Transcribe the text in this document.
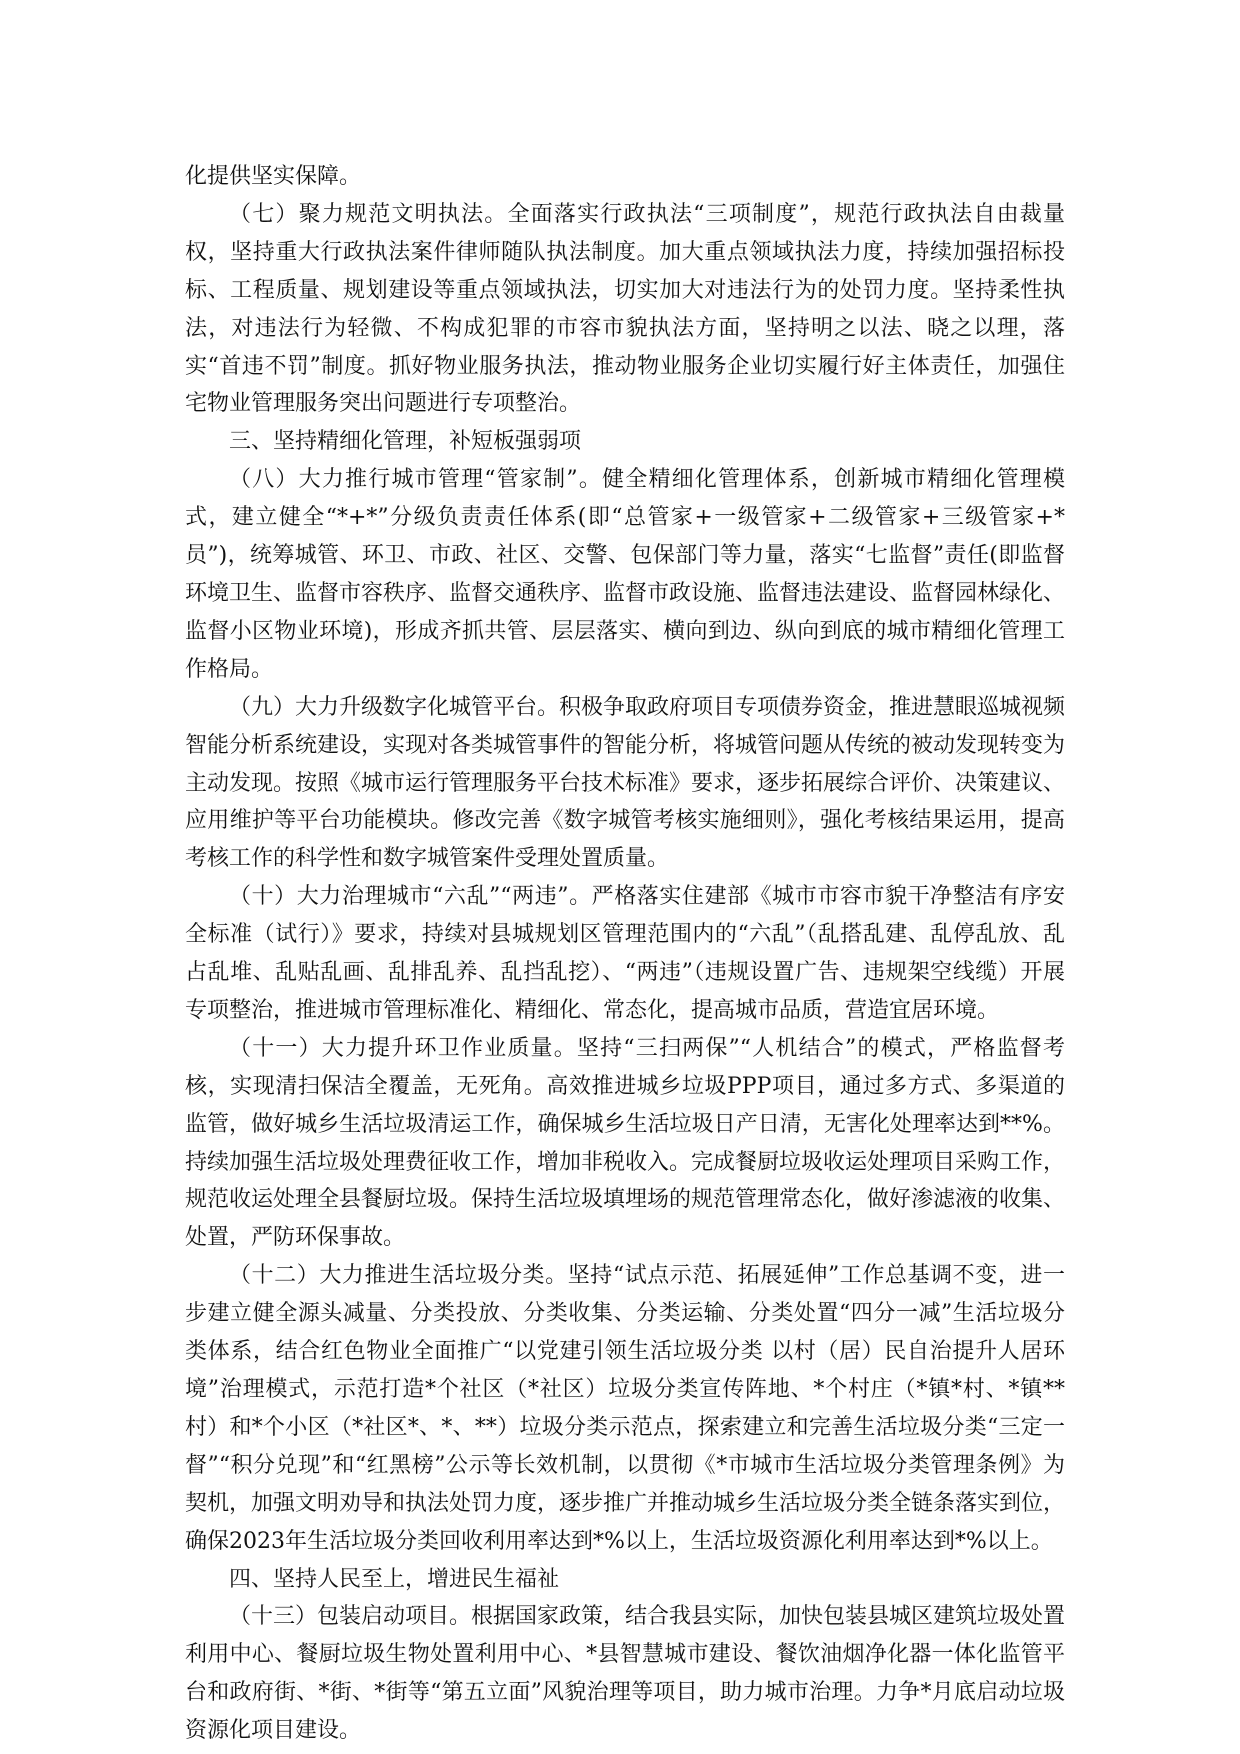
化提供坚实保障。

（七）聚力规范文明执法。全面落实行政执法“三项制度”，规范行政执法自由裁量权，坚持重大行政执法案件律师随队执法制度。加大重点领域执法力度，持续加强招标投标、工程质量、规划建设等重点领域执法，切实加大对违法行为的处罚力度。坚持柔性执法，对违法行为轻微、不构成犯罪的市容市貌执法方面，坚持明之以法、晓之以理，落实“首违不罚”制度。抓好物业服务执法，推动物业服务企业切实履行好主体责任，加强住宅物业管理服务突出问题进行专项整治。

三、坚持精细化管理，补短板强弱项

（八）大力推行城市管理“管家制”。健全精细化管理体系，创新城市精细化管理模式，建立健全“*+*”分级负责责任体系(即“总管家+一级管家+二级管家+三级管家+*员”)，统筹城管、环卫、市政、社区、交警、包保部门等力量，落实“七监督”责任(即监督环境卫生、监督市容秩序、监督交通秩序、监督市政设施、监督违法建设、监督园林绿化、监督小区物业环境)，形成齐抓共管、层层落实、横向到边、纵向到底的城市精细化管理工作格局。

（九）大力升级数字化城管平台。积极争取政府项目专项债券资金，推进慧眼巡城视频智能分析系统建设，实现对各类城管事件的智能分析，将城管问题从传统的被动发现转变为主动发现。按照《城市运行管理服务平台技术标准》要求，逐步拓展综合评价、决策建议、应用维护等平台功能模块。修改完善《数字城管考核实施细则》，强化考核结果运用，提高考核工作的科学性和数字城管案件受理处置质量。

（十）大力治理城市“六乱”“两违”。严格落实住建部《城市市容市貌干净整洁有序安全标准（试行）》要求，持续对县城规划区管理范围内的“六乱”（乱搭乱建、乱停乱放、乱占乱堆、乱贴乱画、乱排乱养、乱挡乱挖）、“两违”（违规设置广告、违规架空线缆）开展专项整治，推进城市管理标准化、精细化、常态化，提高城市品质，营造宜居环境。

（十一）大力提升环卫作业质量。坚持“三扫两保”“人机结合”的模式，严格监督考核，实现清扫保洁全覆盖，无死角。高效推进城乡垃圾PPP项目，通过多方式、多渠道的监管，做好城乡生活垃圾清运工作，确保城乡生活垃圾日产日清，无害化处理率达到**%。持续加强生活垃圾处理费征收工作，增加非税收入。完成餐厨垃圾收运处理项目采购工作，规范收运处理全县餐厨垃圾。保持生活垃圾填埋场的规范管理常态化，做好渗滤液的收集、处置，严防环保事故。

（十二）大力推进生活垃圾分类。坚持“试点示范、拓展延伸”工作总基调不变，进一步建立健全源头减量、分类投放、分类收集、分类运输、分类处置“四分一减”生活垃圾分类体系，结合红色物业全面推广“以党建引领生活垃圾分类 以村（居）民自治提升人居环境”治理模式，示范打造*个社区（*社区）垃圾分类宣传阵地、*个村庄（*镇*村、*镇**村）和*个小区（*社区*、*、**）垃圾分类示范点，探索建立和完善生活垃圾分类“三定一督”“积分兑现”和“红黑榜”公示等长效机制，以贯彻《*市城市生活垃圾分类管理条例》为契机，加强文明劝导和执法处罚力度，逐步推广并推动城乡生活垃圾分类全链条落实到位，确保2023年生活垃圾分类回收利用率达到*%以上，生活垃圾资源化利用率达到*%以上。

四、坚持人民至上，增进民生福祉

（十三）包装启动项目。根据国家政策，结合我县实际，加快包装县城区建筑垃圾处置利用中心、餐厨垃圾生物处置利用中心、*县智慧城市建设、餐饮油烟净化器一体化监管平台和政府街、*街、*街等“第五立面”风貌治理等项目，助力城市治理。力争*月底启动垃圾资源化项目建设。
